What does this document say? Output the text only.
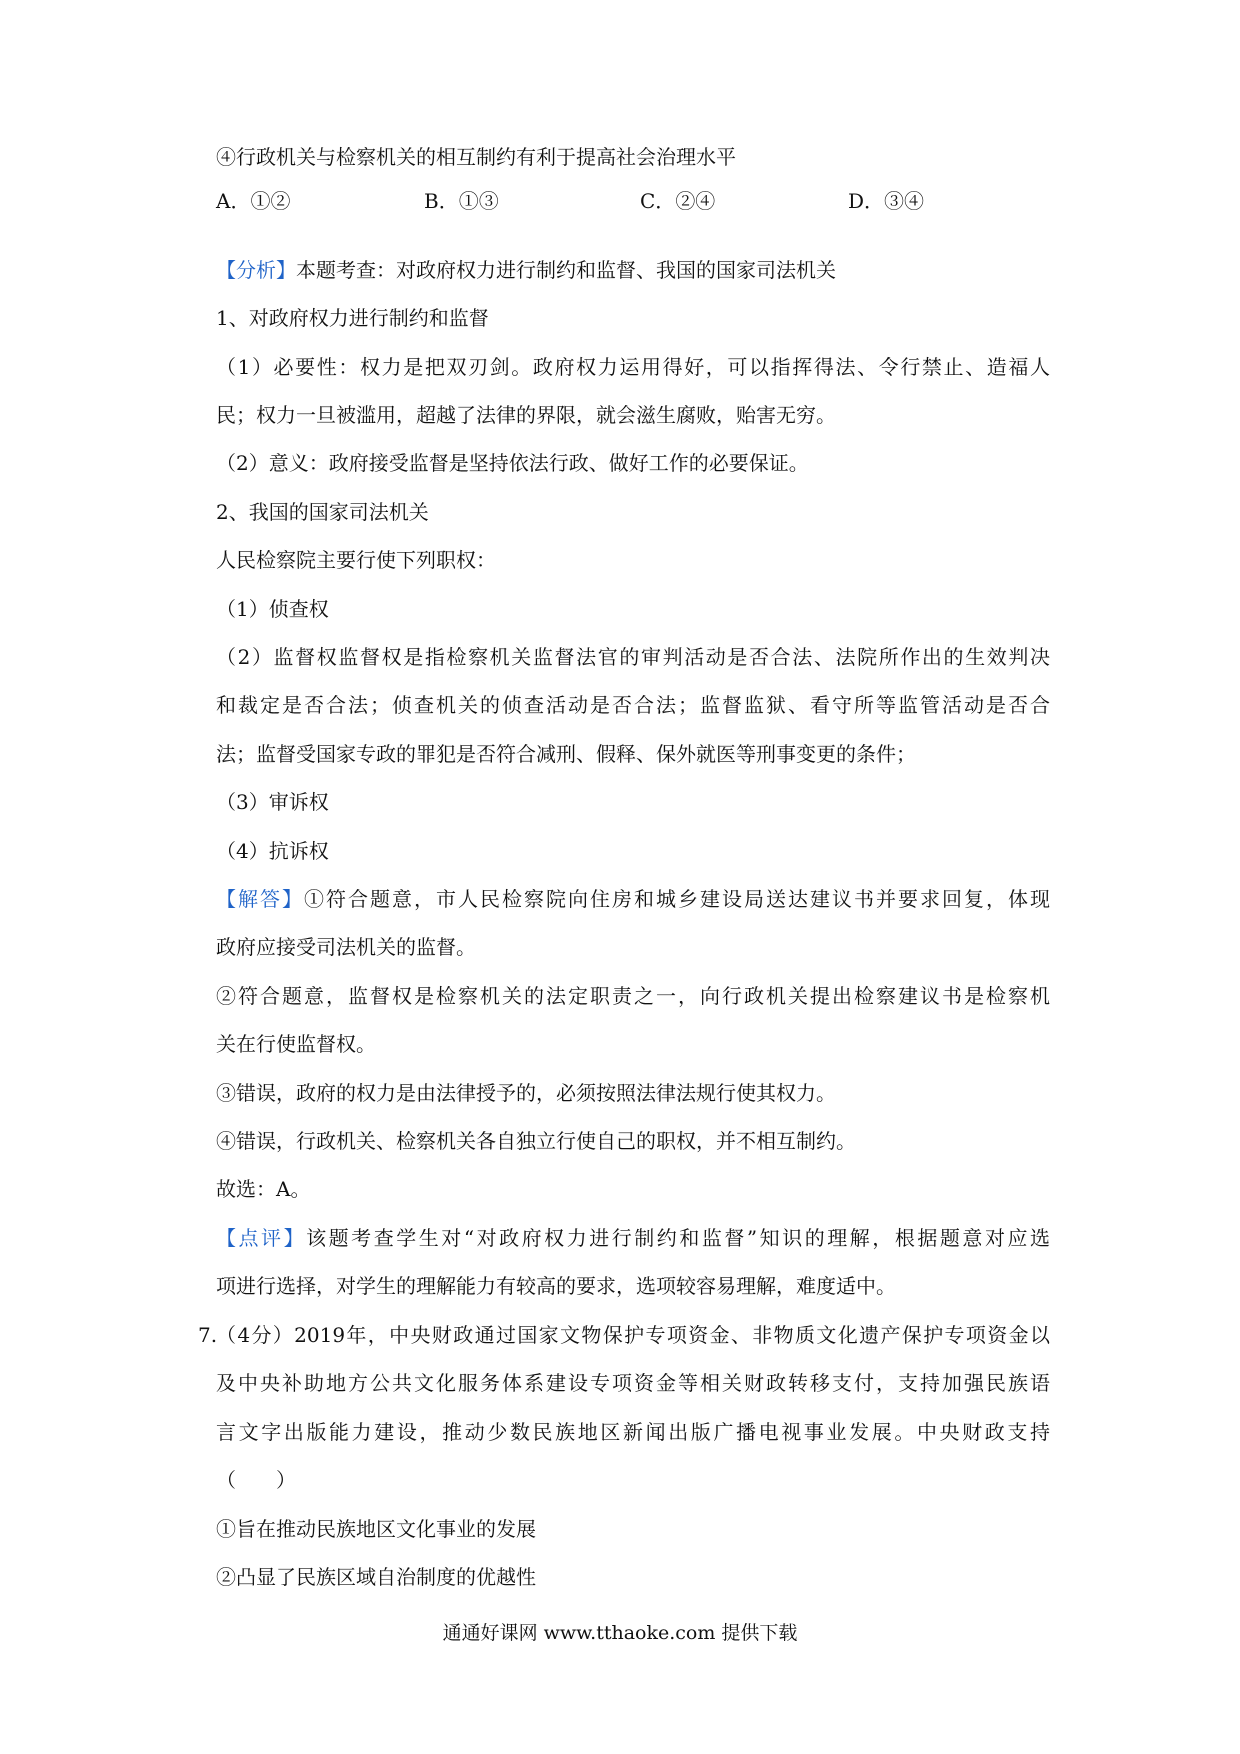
④行政机关与检察机关的相互制约有利于提高社会治理水平
A．①②	B．①③	C．②④	D．③④
【分析】本题考查：对政府权力进行制约和监督、我国的国家司法机关
1、对政府权力进行制约和监督
（1）必要性：权力是把双刃剑。政府权力运用得好，可以指挥得法、令行禁止、造福人
民；权力一旦被滥用，超越了法律的界限，就会滋生腐败，贻害无穷。
（2）意义：政府接受监督是坚持依法行政、做好工作的必要保证。
2、我国的国家司法机关
人民检察院主要行使下列职权：
（1）侦查权
（2）监督权监督权是指检察机关监督法官的审判活动是否合法、法院所作出的生效判决
和裁定是否合法；侦查机关的侦查活动是否合法；监督监狱、看守所等监管活动是否合
法；监督受国家专政的罪犯是否符合减刑、假释、保外就医等刑事变更的条件；
（3）审诉权
（4）抗诉权
【解答】①符合题意，市人民检察院向住房和城乡建设局送达建议书并要求回复，体现
政府应接受司法机关的监督。
②符合题意，监督权是检察机关的法定职责之一，向行政机关提出检察建议书是检察机
关在行使监督权。
③错误，政府的权力是由法律授予的，必须按照法律法规行使其权力。
④错误，行政机关、检察机关各自独立行使自己的职权，并不相互制约。
故选：A。
【点评】该题考查学生对“对政府权力进行制约和监督”知识的理解，根据题意对应选
项进行选择，对学生的理解能力有较高的要求，选项较容易理解，难度适中。
7.
（4分）2019年，中央财政通过国家文物保护专项资金、非物质文化遗产保护专项资金以
及中央补助地方公共文化服务体系建设专项资金等相关财政转移支付，支持加强民族语
言文字出版能力建设，推动少数民族地区新闻出版广播电视事业发展。中央财政支持
（　　）
①旨在推动民族地区文化事业的发展
②凸显了民族区域自治制度的优越性
通通好课网 www.tthaoke.com 提供下载
